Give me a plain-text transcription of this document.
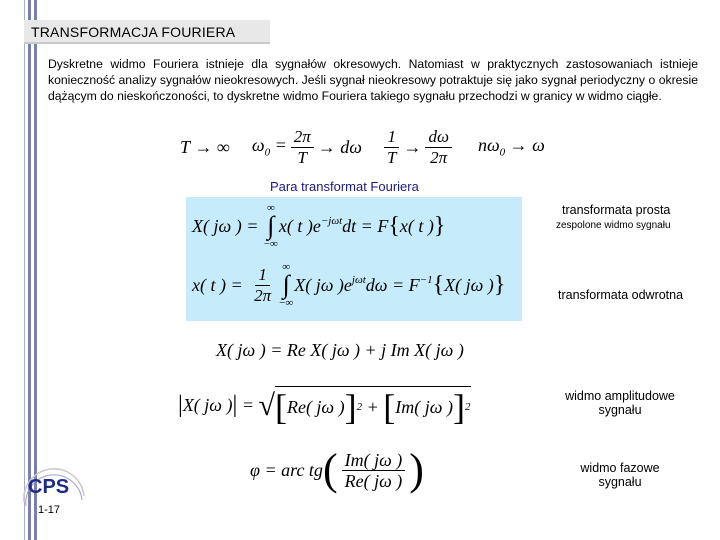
TRANSFORMACJA FOURIERA
Dyskretne widmo Fouriera istnieje dla sygnałów okresowych. Natomiast w praktycznych zastosowaniach istnieje konieczność analizy sygnałów nieokresowych. Jeśli sygnał nieokresowy potraktuje się jako sygnał periodyczny o okresie dążącym do nieskończoności, to dyskretne widmo Fouriera takiego sygnału przechodzi w granicy w widmo ciągłe.
T → ∞ $\omega_0 = \frac{2\pi}{T} \to d\omega \frac{1}{T} \to \frac{d\omega}{2\pi} n\omega_0 \to \omega$
Para transformat Fouriera
X( jω ) =
∞
∫
−∞
x( t )$e^{-j\omega t}dt = F$ { x( t ) }
x( t ) = $\frac{1}{2\pi}$ ∞
∫
−∞
X( jω )$e^{j\omega t}d\omega = F^{-1}$ { X( jω ) }
transformata prosta
zespolone widmo sygnału
transformata odwrotna
X( jω ) = Re X( jω ) + j Im X( jω )
| X( jω ) | = √ [ Re( jω ) ] 2 + [ Im( jω ) ] 2
widmo amplitudowe sygnału
φ = arc tg ( $\frac{Im( j\omega )}{Re( j\omega )}$ )	widmo fazowe sygnału
CPS
1-17
